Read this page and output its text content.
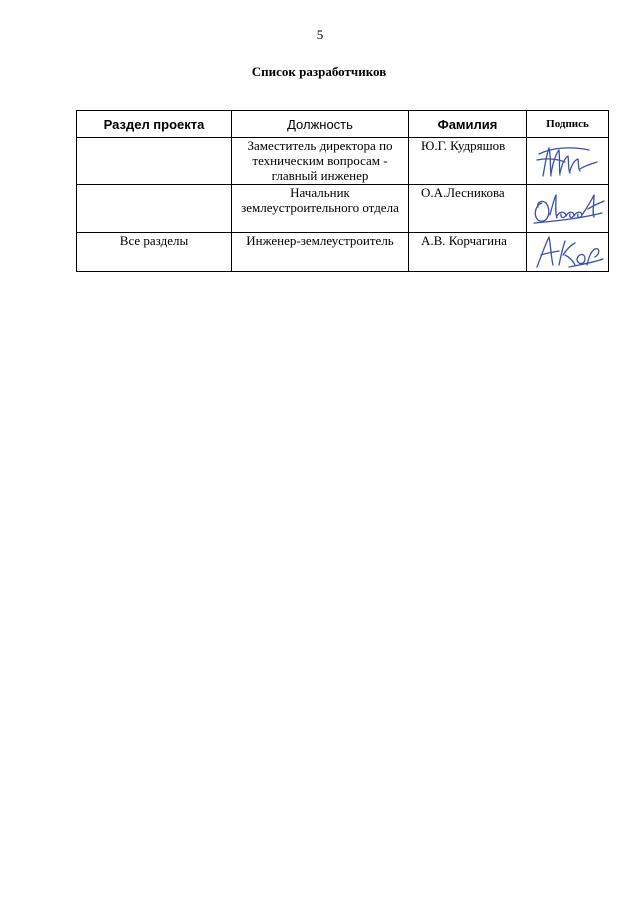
5
Список разработчиков
Раздел проекта	Должность	Фамилия	Подпись
	Заместитель директора по техническим вопросам - главный инженер	Ю.Г. Кудряшов	

	Начальник землеустроительного отдела	О.А.Лесникова	

Все разделы	Инженер-землеустроитель	А.В. Корчагина	
